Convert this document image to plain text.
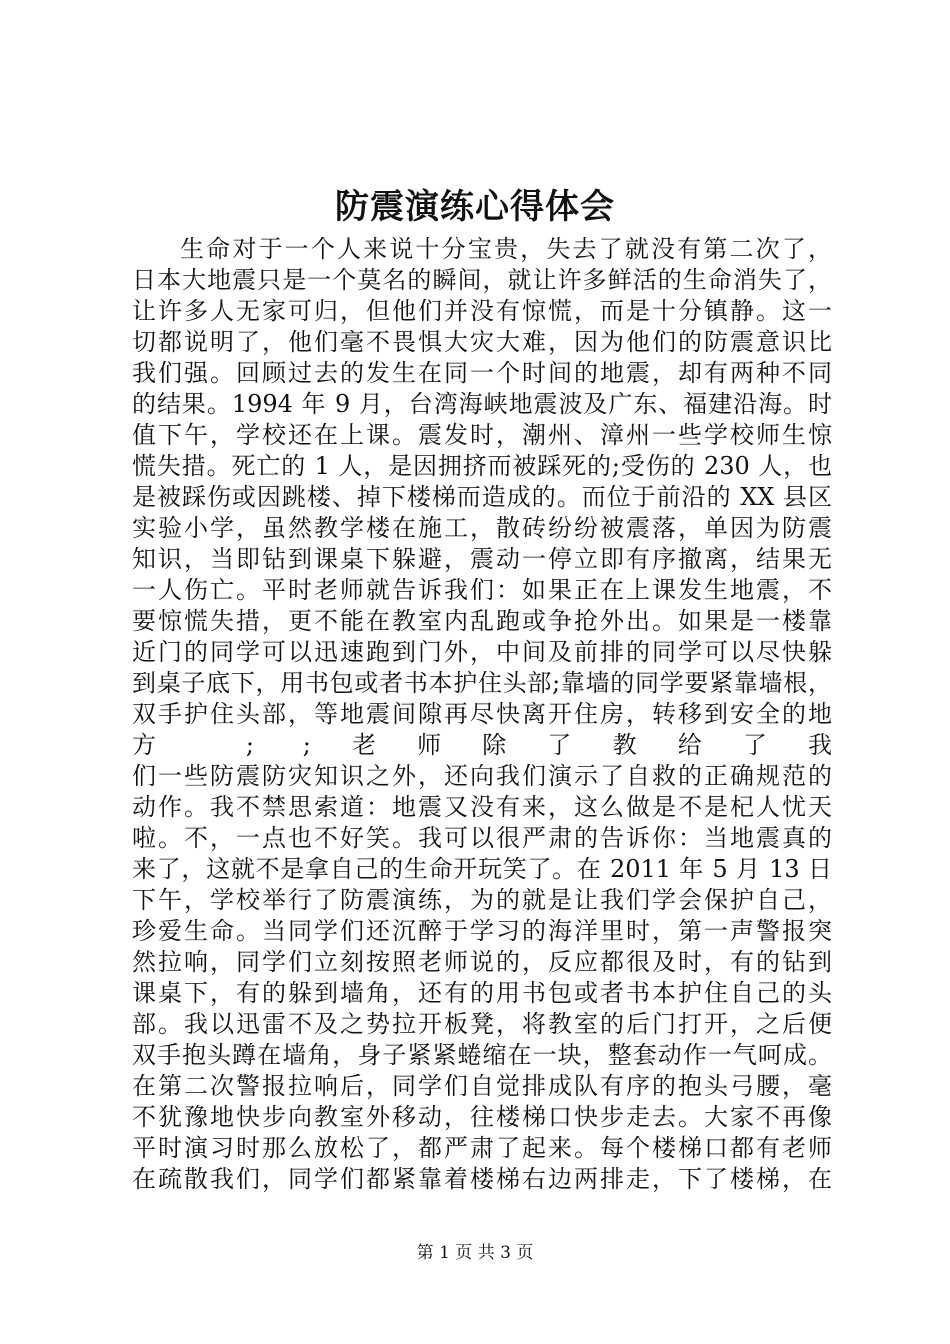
防震演练心得体会
生命对于一个人来说十分宝贵，失去了就没有第二次了，
日本大地震只是一个莫名的瞬间，就让许多鲜活的生命消失了，
让许多人无家可归，但他们并没有惊慌，而是十分镇静。这一
切都说明了，他们毫不畏惧大灾大难，因为他们的防震意识比
我们强。回顾过去的发生在同一个时间的地震，却有两种不同
的结果。1994 年 9 月，台湾海峡地震波及广东、福建沿海。时
值下午，学校还在上课。震发时，潮州、漳州一些学校师生惊
慌失措。死亡的 1 人，是因拥挤而被踩死的;受伤的 230 人，也
是被踩伤或因跳楼、掉下楼梯而造成的。而位于前沿的 XX 县区
实验小学，虽然教学楼在施工，散砖纷纷被震落，单因为防震
知识，当即钻到课桌下躲避，震动一停立即有序撤离，结果无
一人伤亡。平时老师就告诉我们：如果正在上课发生地震，不
要惊慌失措，更不能在教室内乱跑或争抢外出。如果是一楼靠
近门的同学可以迅速跑到门外，中间及前排的同学可以尽快躲
到桌子底下，用书包或者书本护住头部;靠墙的同学要紧靠墙根，
双手护住头部，等地震间隙再尽快离开住房，转移到安全的地
方 ; ;老师除了教给了我
们一些防震防灾知识之外，还向我们演示了自救的正确规范的
动作。我不禁思索道：地震又没有来，这么做是不是杞人忧天
啦。不，一点也不好笑。我可以很严肃的告诉你：当地震真的
来了，这就不是拿自己的生命开玩笑了。在 2011 年 5 月 13 日
下午，学校举行了防震演练，为的就是让我们学会保护自己，
珍爱生命。当同学们还沉醉于学习的海洋里时，第一声警报突
然拉响，同学们立刻按照老师说的，反应都很及时，有的钻到
课桌下，有的躲到墙角，还有的用书包或者书本护住自己的头
部。我以迅雷不及之势拉开板凳，将教室的后门打开，之后便
双手抱头蹲在墙角，身子紧紧蜷缩在一块，整套动作一气呵成。
在第二次警报拉响后，同学们自觉排成队有序的抱头弓腰，毫
不犹豫地快步向教室外移动，往楼梯口快步走去。大家不再像
平时演习时那么放松了，都严肃了起来。每个楼梯口都有老师
在疏散我们，同学们都紧靠着楼梯右边两排走，下了楼梯，在
第 1 页 共 3 页
